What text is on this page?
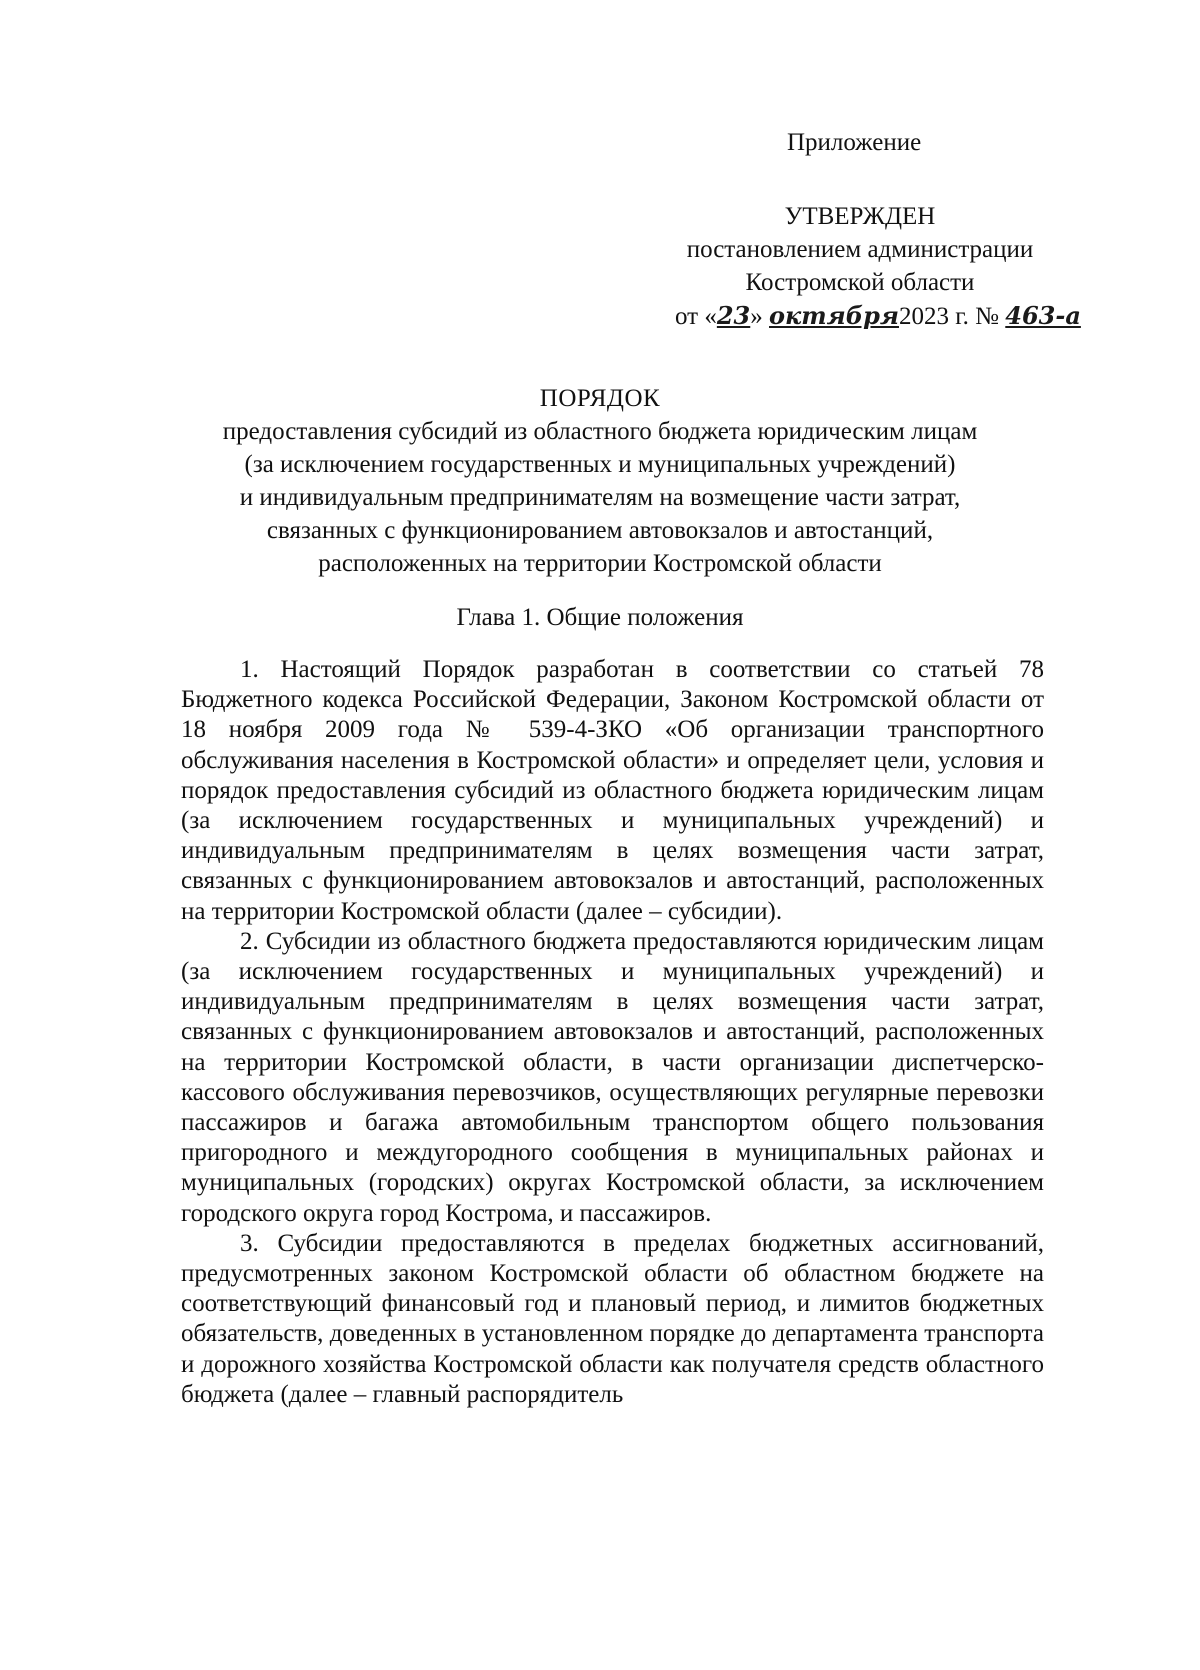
Приложение
УТВЕРЖДЕН
постановлением администрации
Костромской области
от «23» октября2023 г. № 463-а
ПОРЯДОК
предоставления субсидий из областного бюджета юридическим лицам
(за исключением государственных и муниципальных учреждений)
и индивидуальным предпринимателям на возмещение части затрат,
связанных с функционированием автовокзалов и автостанций,
расположенных на территории Костромской области
Глава 1. Общие положения

1. Настоящий Порядок разработан в соответствии со статьей 78 Бюджетного кодекса Российской Федерации, Законом Костромской области от 18 ноября 2009 года № 539-4-ЗКО «Об организации транспортного обслуживания населения в Костромской области» и определяет цели, условия и порядок предоставления субсидий из областного бюджета юридическим лицам (за исключением государственных и муниципальных учреждений) и индивидуальным предпринимателям в целях возмещения части затрат, связанных с функционированием автовокзалов и автостанций, расположенных на территории Костромской области (далее – субсидии).

2. Субсидии из областного бюджета предоставляются юридическим лицам (за исключением государственных и муниципальных учреждений) и индивидуальным предпринимателям в целях возмещения части затрат, связанных с функционированием автовокзалов и автостанций, расположенных на территории Костромской области, в части организации диспетчерско-кассового обслуживания перевозчиков, осуществляющих регулярные перевозки пассажиров и багажа автомобильным транспортом общего пользования пригородного и междугородного сообщения в муниципальных районах и муниципальных (городских) округах Костромской области, за исключением городского округа город Кострома, и пассажиров.

3. Субсидии предоставляются в пределах бюджетных ассигнований, предусмотренных законом Костромской области об областном бюджете на соответствующий финансовый год и плановый период, и лимитов бюджетных обязательств, доведенных в установленном порядке до департамента транспорта и дорожного хозяйства Костромской области как получателя средств областного бюджета (далее – главный распорядитель
